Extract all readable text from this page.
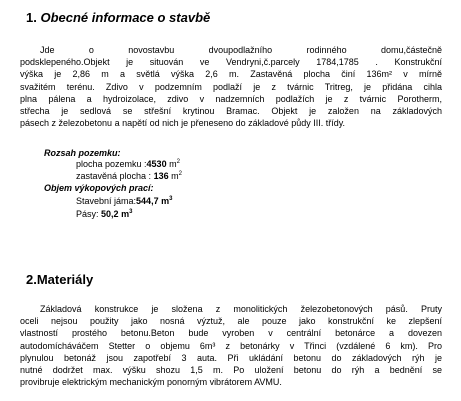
1. Obecné informace o stavbě
Jde o novostavbu dvoupodlažního rodinného domu,částečně
podsklepeného.Objekt je situován ve Vendryni,č.parcely 1784,1785 . Konstrukční
výška je 2,86 m a světlá výška 2,6 m. Zastavěná plocha činí 136m² v mírně
svažitém terénu. Zdivo v podzemním podlaží je z tvárnic Tritreg, je přidána cihla
plna pálena a hydroizolace, zdivo v nadzemních podlažích je z tvárnic Porotherm,
střecha je sedlová se střešní krytinou Bramac. Objekt je založen na základových
pásech z železobetonu a napětí od nich je přeneseno do základové půdy III. třídy.
Rozsah pozemku:
plocha pozemku :4530 $m^2$
zastavěná plocha : 136 $m^2$
Objem výkopových prací:
Stavební jáma:544,7 $m^3$
Pásy: 50,2 $m^3$
2.Materiály
Základová konstrukce je složena z monolitických železobetonových pásů. Pruty
oceli nejsou použity jako nosná výztuž, ale pouze jako konstrukční ke zlepšení
vlastností prostého betonu.Beton bude vyroben v centrální betonárce a dovezen
autodomícháváčem Stetter o objemu 6m³ z betonárky v Třinci (vzdálené 6 km). Pro
plynulou betonáž jsou zapotřebí 3 auta. Při ukládání betonu do základových rýh je
nutné dodržet max. výšku shozu 1,5 m. Po uložení betonu do rýh a bednění se
provibruje elektrickým mechanickým ponorným vibrátorem AVMU.
